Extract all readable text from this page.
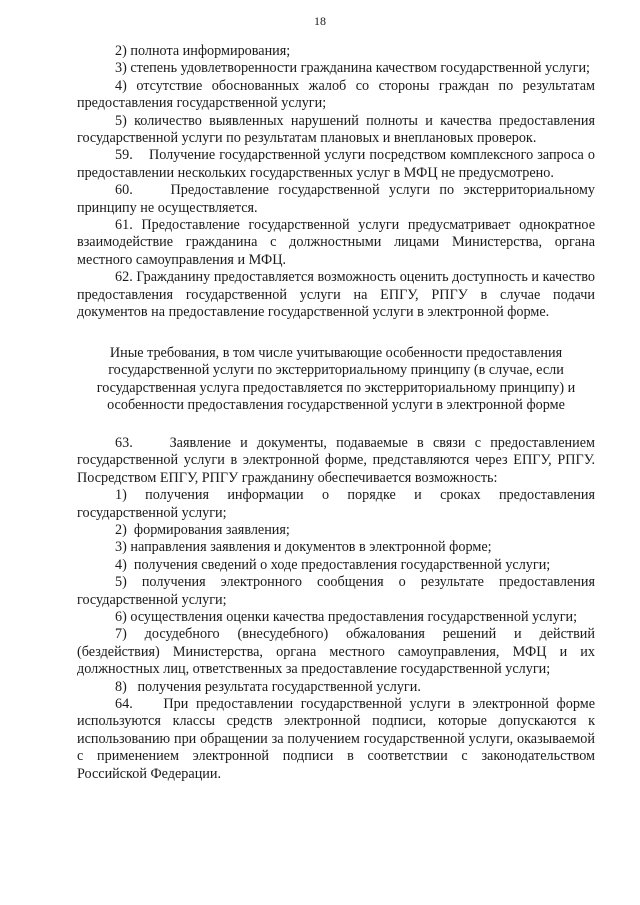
18

2) полнота информирования;

3) степень удовлетворенности гражданина качеством государственной услуги;

4) отсутствие обоснованных жалоб со стороны граждан по результатам предоставления государственной услуги;

5) количество выявленных нарушений полноты и качества предоставления государственной услуги по результатам плановых и внеплановых проверок.

59.    Получение государственной услуги посредством комплексного запроса о предоставлении нескольких государственных услуг в МФЦ не предусмотрено.

60.    Предоставление государственной услуги по экстерриториальному принципу не осуществляется.

61. Предоставление государственной услуги предусматривает однократное взаимодействие гражданина с должностными лицами Министерства, органа местного самоуправления и МФЦ.

62. Гражданину предоставляется возможность оценить доступность и качество предоставления государственной услуги на ЕПГУ, РПГУ в случае подачи документов на предоставление государственной услуги в электронной форме.

Иные требования, в том числе учитывающие особенности предоставления государственной услуги по экстерриториальному принципу (в случае, если государственная услуга предоставляется по экстерриториальному принципу) и особенности предоставления государственной услуги в электронной форме

63.    Заявление и документы, подаваемые в связи с предоставлением государственной услуги в электронной форме, представляются через ЕПГУ, РПГУ. Посредством ЕПГУ, РПГУ гражданину обеспечивается возможность:

1) получения информации о порядке и сроках предоставления государственной услуги;

2)  формирования заявления;

3) направления заявления и документов в электронной форме;

4)  получения сведений о ходе предоставления государственной услуги;

5) получения электронного сообщения о результате предоставления государственной услуги;

6) осуществления оценки качества предоставления государственной услуги;

7) досудебного (внесудебного) обжалования решений и действий (бездействия) Министерства, органа местного самоуправления, МФЦ и их должностных лиц, ответственных за предоставление государственной услуги;

8)   получения результата государственной услуги.

64.    При предоставлении государственной услуги в электронной форме используются классы средств электронной подписи, которые допускаются к использованию при обращении за получением государственной услуги, оказываемой с применением электронной подписи в соответствии с законодательством Российской Федерации.
